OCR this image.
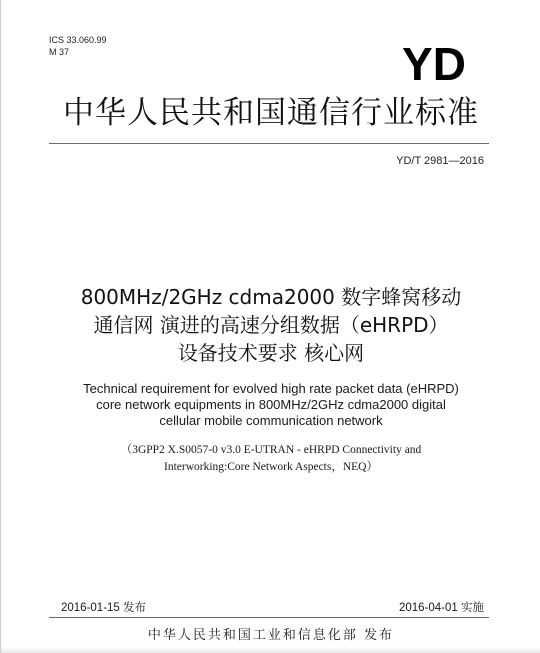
ICS 33.060.99
M 37	YD
中华人民共和国通信行业标准
YD/T 2981—2016
800MHz/2GHz cdma2000 数字蜂窝移动
通信网 演进的高速分组数据（eHRPD）
设备技术要求 核心网
Technical requirement for evolved high rate packet data (eHRPD)
core network equipments in 800MHz/2GHz cdma2000 digital
cellular mobile communication network
（3GPP2 X.S0057-0 v3.0 E-UTRAN - eHRPD Connectivity and
Interworking:Core Network Aspects，NEQ）
2016-01-15 发布	2016-04-01 实施
中华人民共和国工业和信息化部 发布
